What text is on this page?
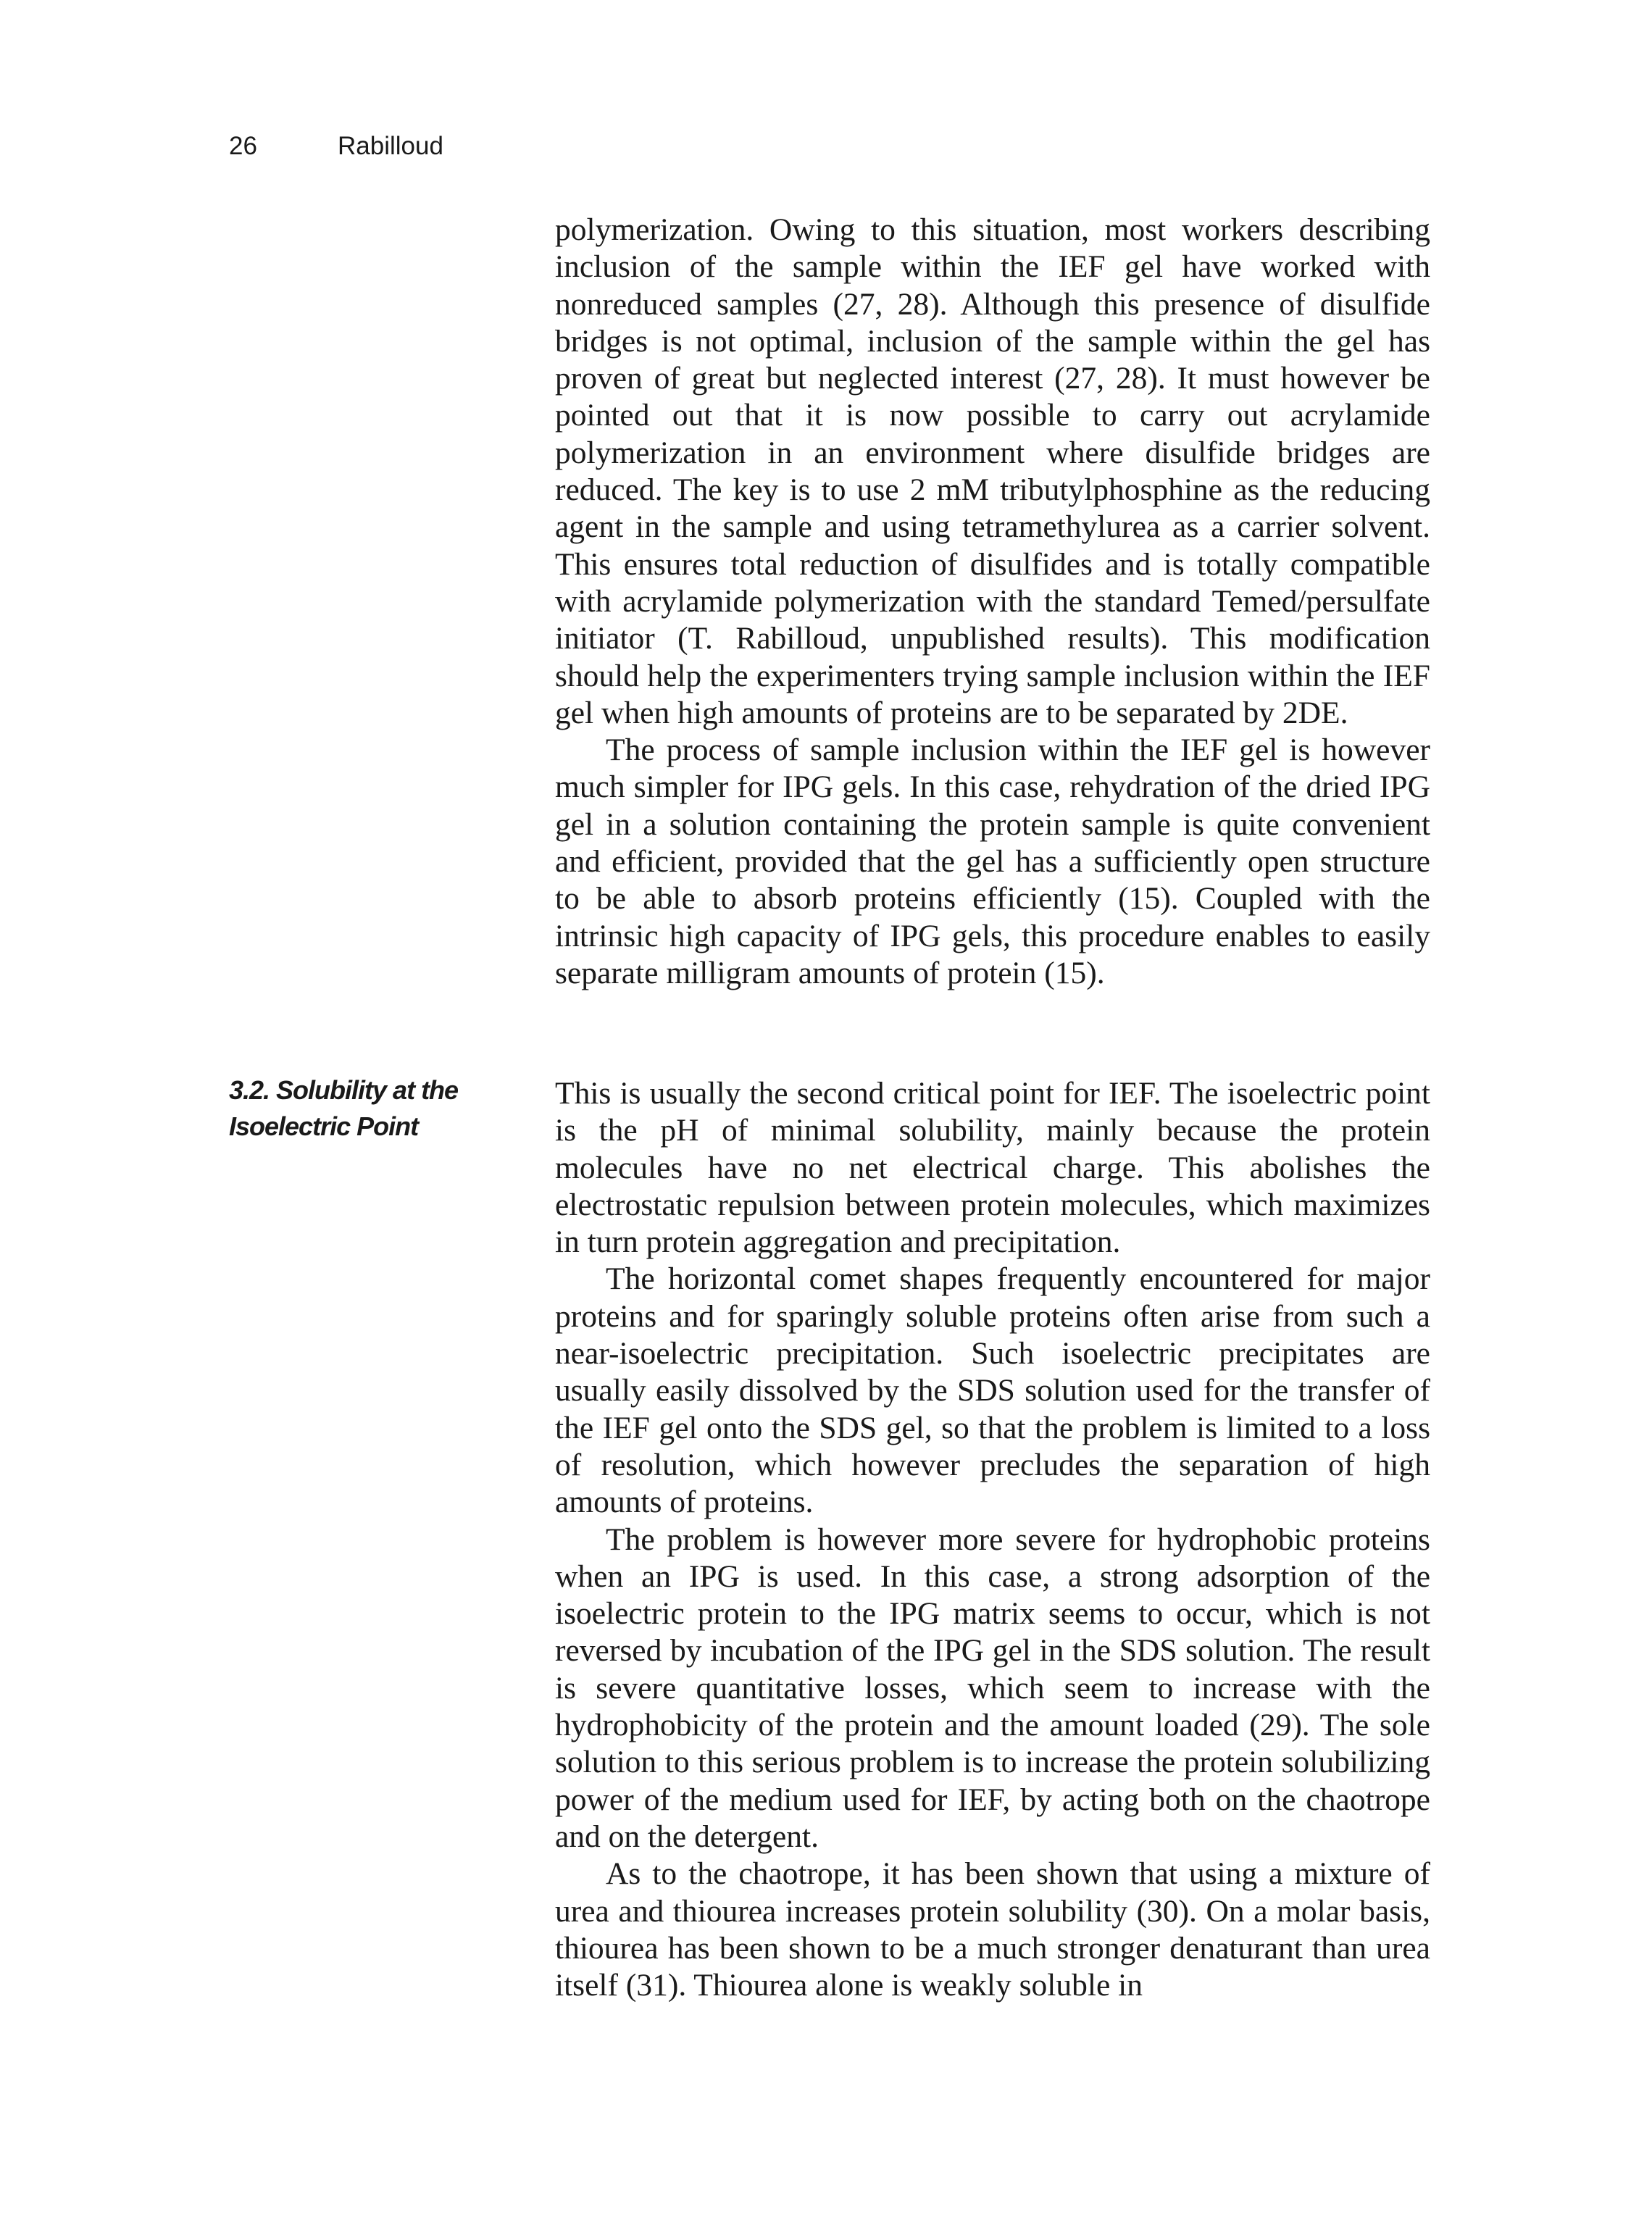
26	Rabilloud

polymerization. Owing to this situation, most workers describing inclusion of the sample within the IEF gel have worked with nonreduced samples (27, 28). Although this presence of disulfide bridges is not optimal, inclusion of the sample within the gel has proven of great but neglected interest (27, 28). It must however be pointed out that it is now possible to carry out acrylamide polymerization in an environment where disulfide bridges are reduced. The key is to use 2 mM tributylphosphine as the reducing agent in the sample and using tetramethylurea as a carrier solvent. This ensures total reduction of disulfides and is totally compatible with acrylamide polymerization with the standard Temed/persulfate initiator (T. Rabilloud, unpublished results). This modification should help the experimenters trying sample inclusion within the IEF gel when high amounts of proteins are to be separated by 2DE.

The process of sample inclusion within the IEF gel is however much simpler for IPG gels. In this case, rehydration of the dried IPG gel in a solution containing the protein sample is quite convenient and efficient, provided that the gel has a sufficiently open structure to be able to absorb proteins efficiently (15). Coupled with the intrinsic high capacity of IPG gels, this procedure enables to easily separate milligram amounts of protein (15).

3.2. Solubility at the
Isoelectric Point

This is usually the second critical point for IEF. The isoelectric point is the pH of minimal solubility, mainly because the protein molecules have no net electrical charge. This abolishes the electrostatic repulsion between protein molecules, which maximizes in turn protein aggregation and precipitation.

The horizontal comet shapes frequently encountered for major proteins and for sparingly soluble proteins often arise from such a near-isoelectric precipitation. Such isoelectric precipitates are usually easily dissolved by the SDS solution used for the transfer of the IEF gel onto the SDS gel, so that the problem is limited to a loss of resolution, which however precludes the separation of high amounts of proteins.

The problem is however more severe for hydrophobic proteins when an IPG is used. In this case, a strong adsorption of the isoelectric protein to the IPG matrix seems to occur, which is not reversed by incubation of the IPG gel in the SDS solution. The result is severe quantitative losses, which seem to increase with the hydrophobicity of the protein and the amount loaded (29). The sole solution to this serious problem is to increase the protein solubilizing power of the medium used for IEF, by acting both on the chaotrope and on the detergent.

As to the chaotrope, it has been shown that using a mixture of urea and thiourea increases protein solubility (30). On a molar basis, thiourea has been shown to be a much stronger denaturant than urea itself (31). Thiourea alone is weakly soluble in
